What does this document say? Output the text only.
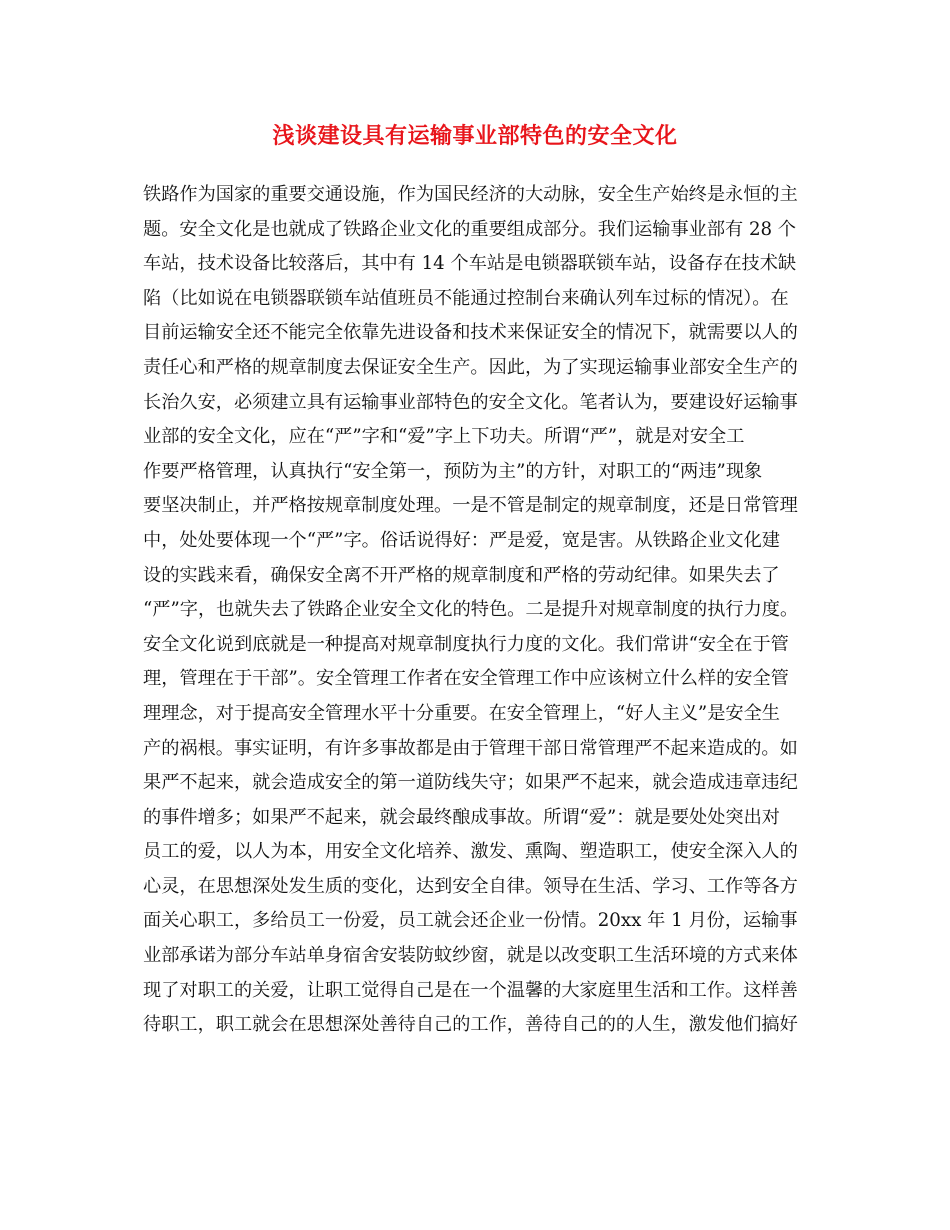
浅谈建设具有运输事业部特色的安全文化
铁路作为国家的重要交通设施，作为国民经济的大动脉，安全生产始终是永恒的主
题。安全文化是也就成了铁路企业文化的重要组成部分。我们运输事业部有 28 个
车站，技术设备比较落后，其中有 14 个车站是电锁器联锁车站，设备存在技术缺
陷（比如说在电锁器联锁车站值班员不能通过控制台来确认列车过标的情况）。在
目前运输安全还不能完全依靠先进设备和技术来保证安全的情况下，就需要以人的
责任心和严格的规章制度去保证安全生产。因此，为了实现运输事业部安全生产的
长治久安，必须建立具有运输事业部特色的安全文化。笔者认为，要建设好运输事
业部的安全文化，应在“严”字和“爱”字上下功夫。所谓“严”，就是对安全工
作要严格管理，认真执行“安全第一，预防为主”的方针，对职工的“两违”现象
要坚决制止，并严格按规章制度处理。一是不管是制定的规章制度，还是日常管理
中，处处要体现一个“严”字。俗话说得好：严是爱，宽是害。从铁路企业文化建
设的实践来看，确保安全离不开严格的规章制度和严格的劳动纪律。如果失去了
“严”字，也就失去了铁路企业安全文化的特色。二是提升对规章制度的执行力度。
安全文化说到底就是一种提高对规章制度执行力度的文化。我们常讲“安全在于管
理，管理在于干部”。安全管理工作者在安全管理工作中应该树立什么样的安全管
理理念，对于提高安全管理水平十分重要。在安全管理上，“好人主义”是安全生
产的祸根。事实证明，有许多事故都是由于管理干部日常管理严不起来造成的。如
果严不起来，就会造成安全的第一道防线失守；如果严不起来，就会造成违章违纪
的事件增多；如果严不起来，就会最终酿成事故。所谓“爱”：就是要处处突出对
员工的爱，以人为本，用安全文化培养、激发、熏陶、塑造职工，使安全深入人的
心灵，在思想深处发生质的变化，达到安全自律。领导在生活、学习、工作等各方
面关心职工，多给员工一份爱，员工就会还企业一份情。20xx 年 1 月份，运输事
业部承诺为部分车站单身宿舍安装防蚊纱窗，就是以改变职工生活环境的方式来体
现了对职工的关爱，让职工觉得自己是在一个温馨的大家庭里生活和工作。这样善
待职工，职工就会在思想深处善待自己的工作，善待自己的的人生，激发他们搞好
